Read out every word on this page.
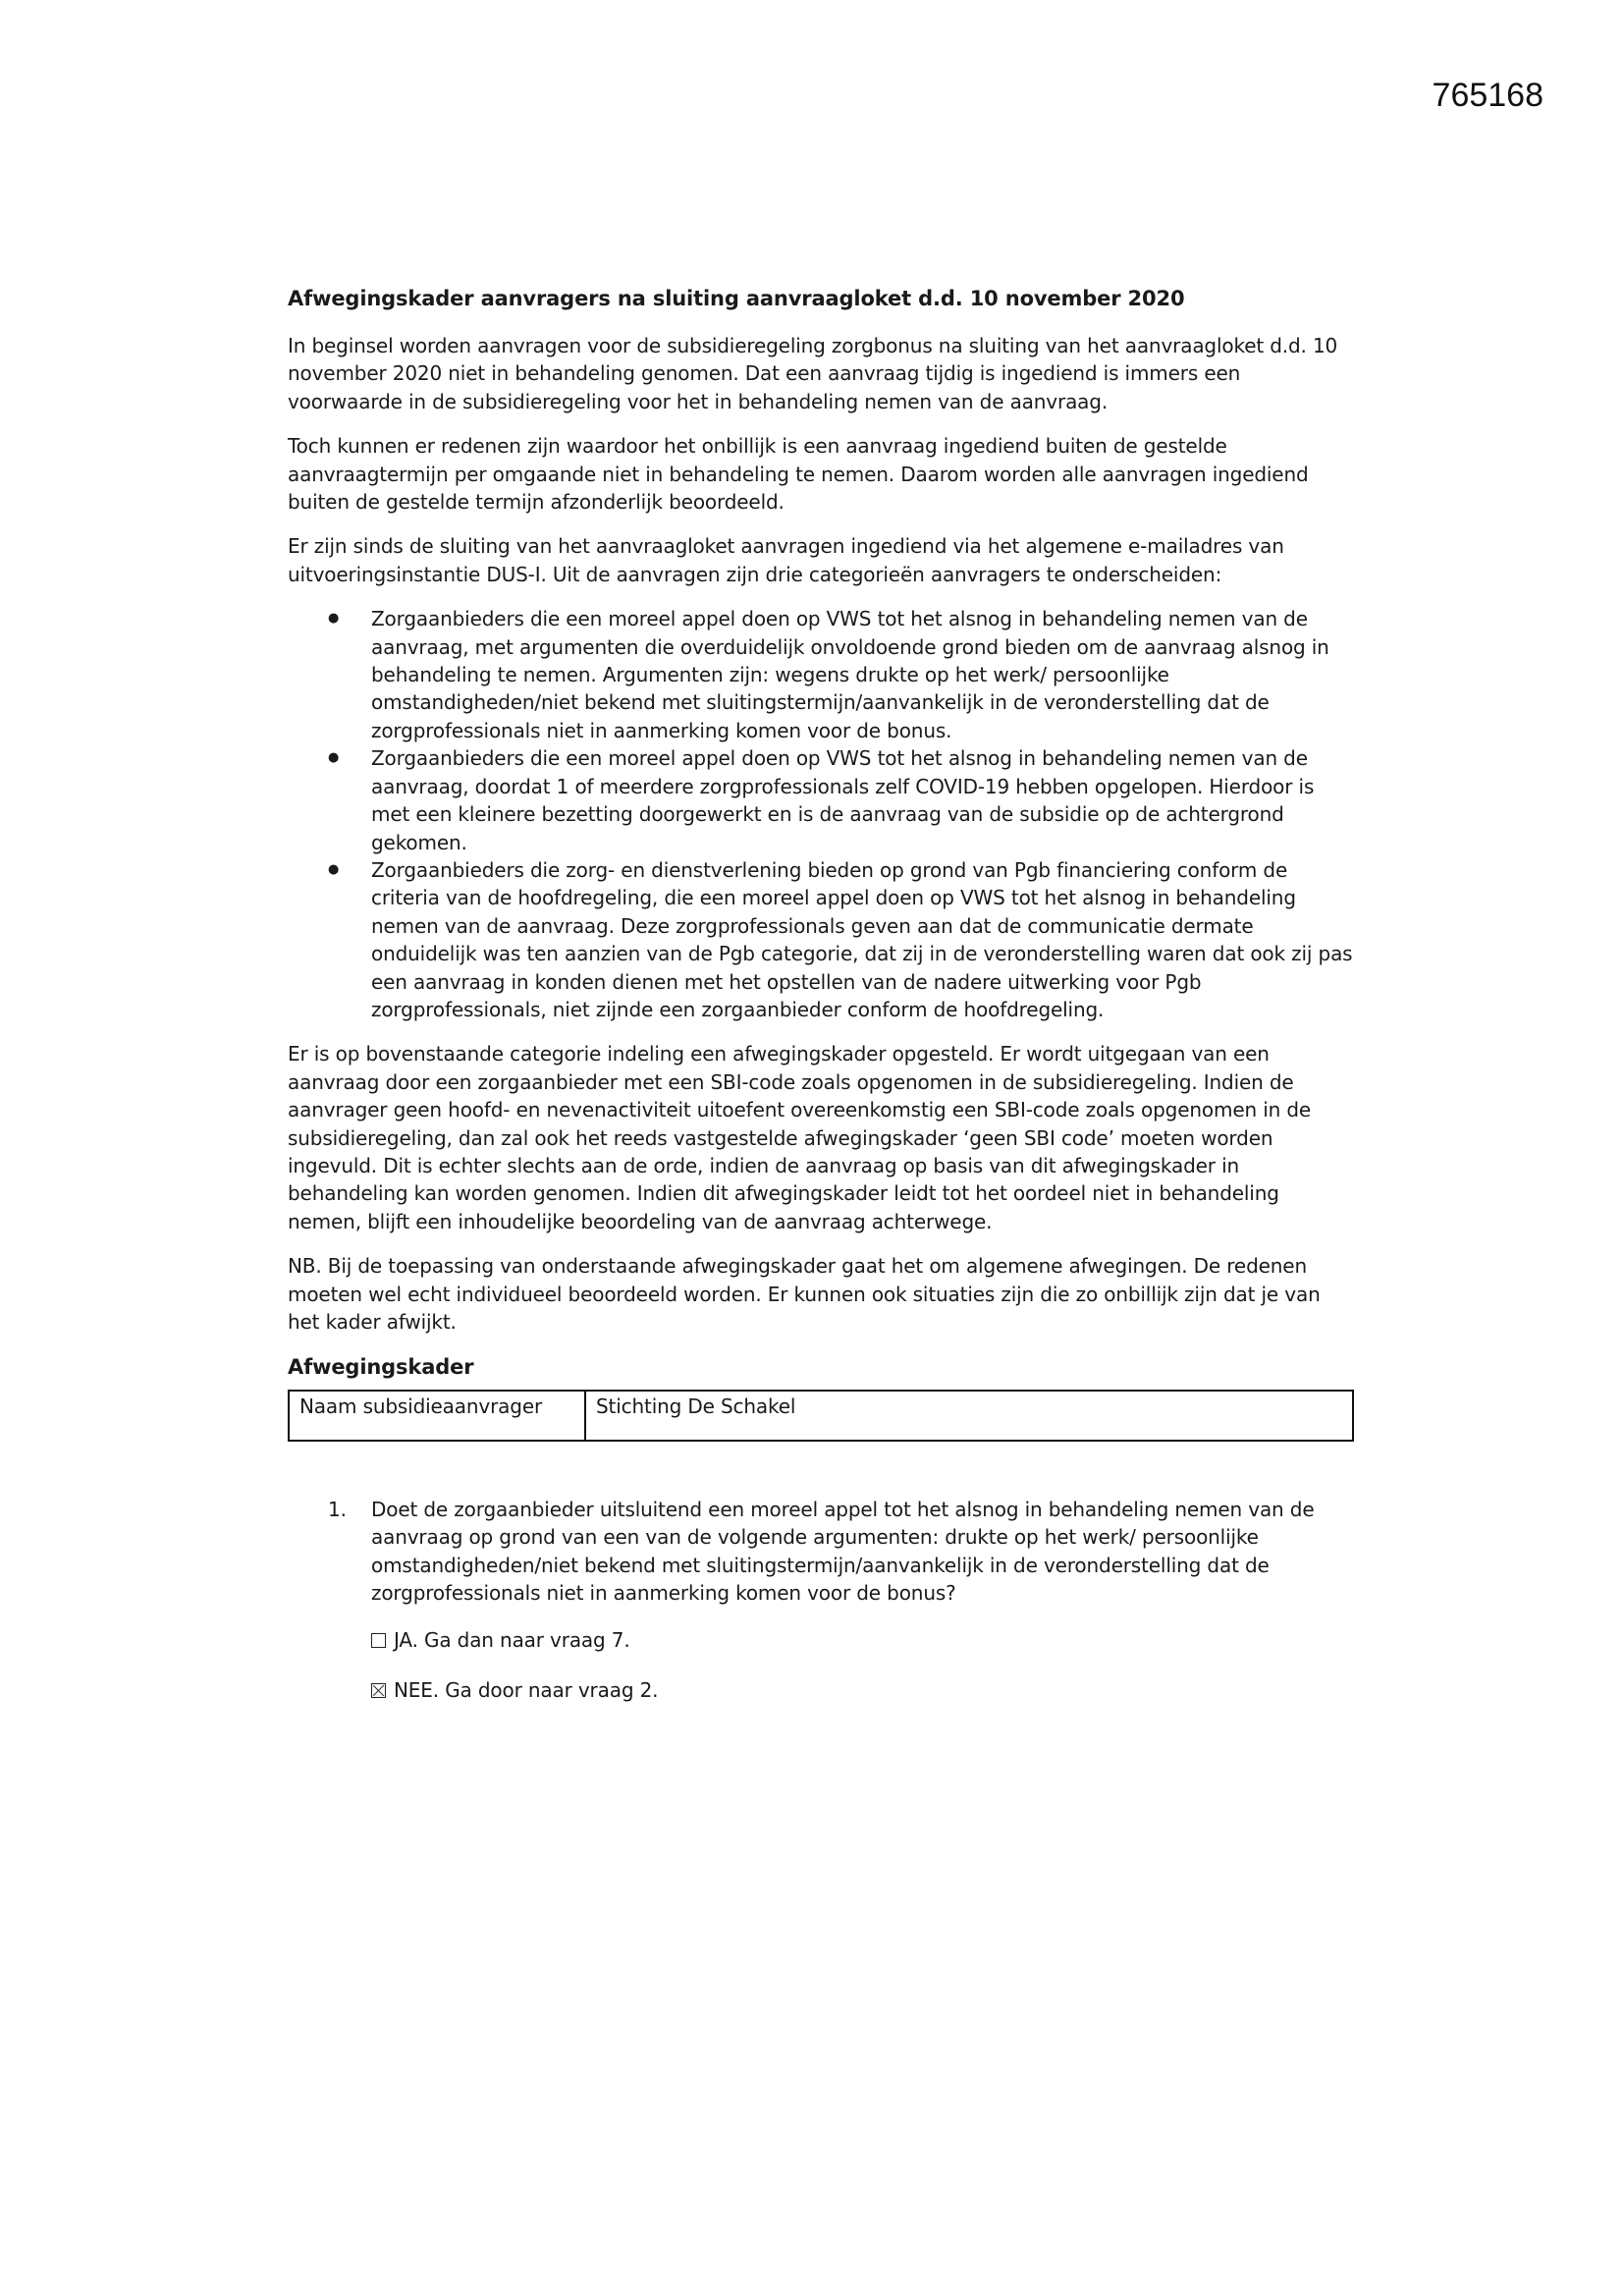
765168
Afwegingskader aanvragers na sluiting aanvraagloket d.d. 10 november 2020

In beginsel worden aanvragen voor de subsidieregeling zorgbonus na sluiting van het aanvraagloket d.d. 10 november 2020 niet in behandeling genomen. Dat een aanvraag tijdig is ingediend is immers een voorwaarde in de subsidieregeling voor het in behandeling nemen van de aanvraag.

Toch kunnen er redenen zijn waardoor het onbillijk is een aanvraag ingediend buiten de gestelde aanvraagtermijn per omgaande niet in behandeling te nemen. Daarom worden alle aanvragen ingediend buiten de gestelde termijn afzonderlijk beoordeeld.

Er zijn sinds de sluiting van het aanvraagloket aanvragen ingediend via het algemene e-mailadres van uitvoeringsinstantie DUS-I. Uit de aanvragen zijn drie categorieën aanvragers te onderscheiden:

● Zorgaanbieders die een moreel appel doen op VWS tot het alsnog in behandeling nemen van de aanvraag, met argumenten die overduidelijk onvoldoende grond bieden om de aanvraag alsnog in behandeling te nemen. Argumenten zijn: wegens drukte op het werk/ persoonlijke omstandigheden/niet bekend met sluitingstermijn/aanvankelijk in de veronderstelling dat de zorgprofessionals niet in aanmerking komen voor de bonus.
● Zorgaanbieders die een moreel appel doen op VWS tot het alsnog in behandeling nemen van de aanvraag, doordat 1 of meerdere zorgprofessionals zelf COVID-19 hebben opgelopen. Hierdoor is met een kleinere bezetting doorgewerkt en is de aanvraag van de subsidie op de achtergrond gekomen.
● Zorgaanbieders die zorg- en dienstverlening bieden op grond van Pgb financiering conform de criteria van de hoofdregeling, die een moreel appel doen op VWS tot het alsnog in behandeling nemen van de aanvraag. Deze zorgprofessionals geven aan dat de communicatie dermate onduidelijk was ten aanzien van de Pgb categorie, dat zij in de veronderstelling waren dat ook zij pas een aanvraag in konden dienen met het opstellen van de nadere uitwerking voor Pgb zorgprofessionals, niet zijnde een zorgaanbieder conform de hoofdregeling.

Er is op bovenstaande categorie indeling een afwegingskader opgesteld. Er wordt uitgegaan van een aanvraag door een zorgaanbieder met een SBI-code zoals opgenomen in de subsidieregeling. Indien de aanvrager geen hoofd- en nevenactiviteit uitoefent overeenkomstig een SBI-code zoals opgenomen in de subsidieregeling, dan zal ook het reeds vastgestelde afwegingskader ‘geen SBI code’ moeten worden ingevuld. Dit is echter slechts aan de orde, indien de aanvraag op basis van dit afwegingskader in behandeling kan worden genomen. Indien dit afwegingskader leidt tot het oordeel niet in behandeling nemen, blijft een inhoudelijke beoordeling van de aanvraag achterwege.

NB. Bij de toepassing van onderstaande afwegingskader gaat het om algemene afwegingen. De redenen moeten wel echt individueel beoordeeld worden. Er kunnen ook situaties zijn die zo onbillijk zijn dat je van het kader afwijkt.

Afwegingskader
Naam subsidieaanvrager	Stichting De Schakel
1. Doet de zorgaanbieder uitsluitend een moreel appel tot het alsnog in behandeling nemen van de aanvraag op grond van een van de volgende argumenten: drukte op het werk/ persoonlijke omstandigheden/niet bekend met sluitingstermijn/aanvankelijk in de veronderstelling dat de zorgprofessionals niet in aanmerking komen voor de bonus?
JA. Ga dan naar vraag 7.
NEE. Ga door naar vraag 2.
